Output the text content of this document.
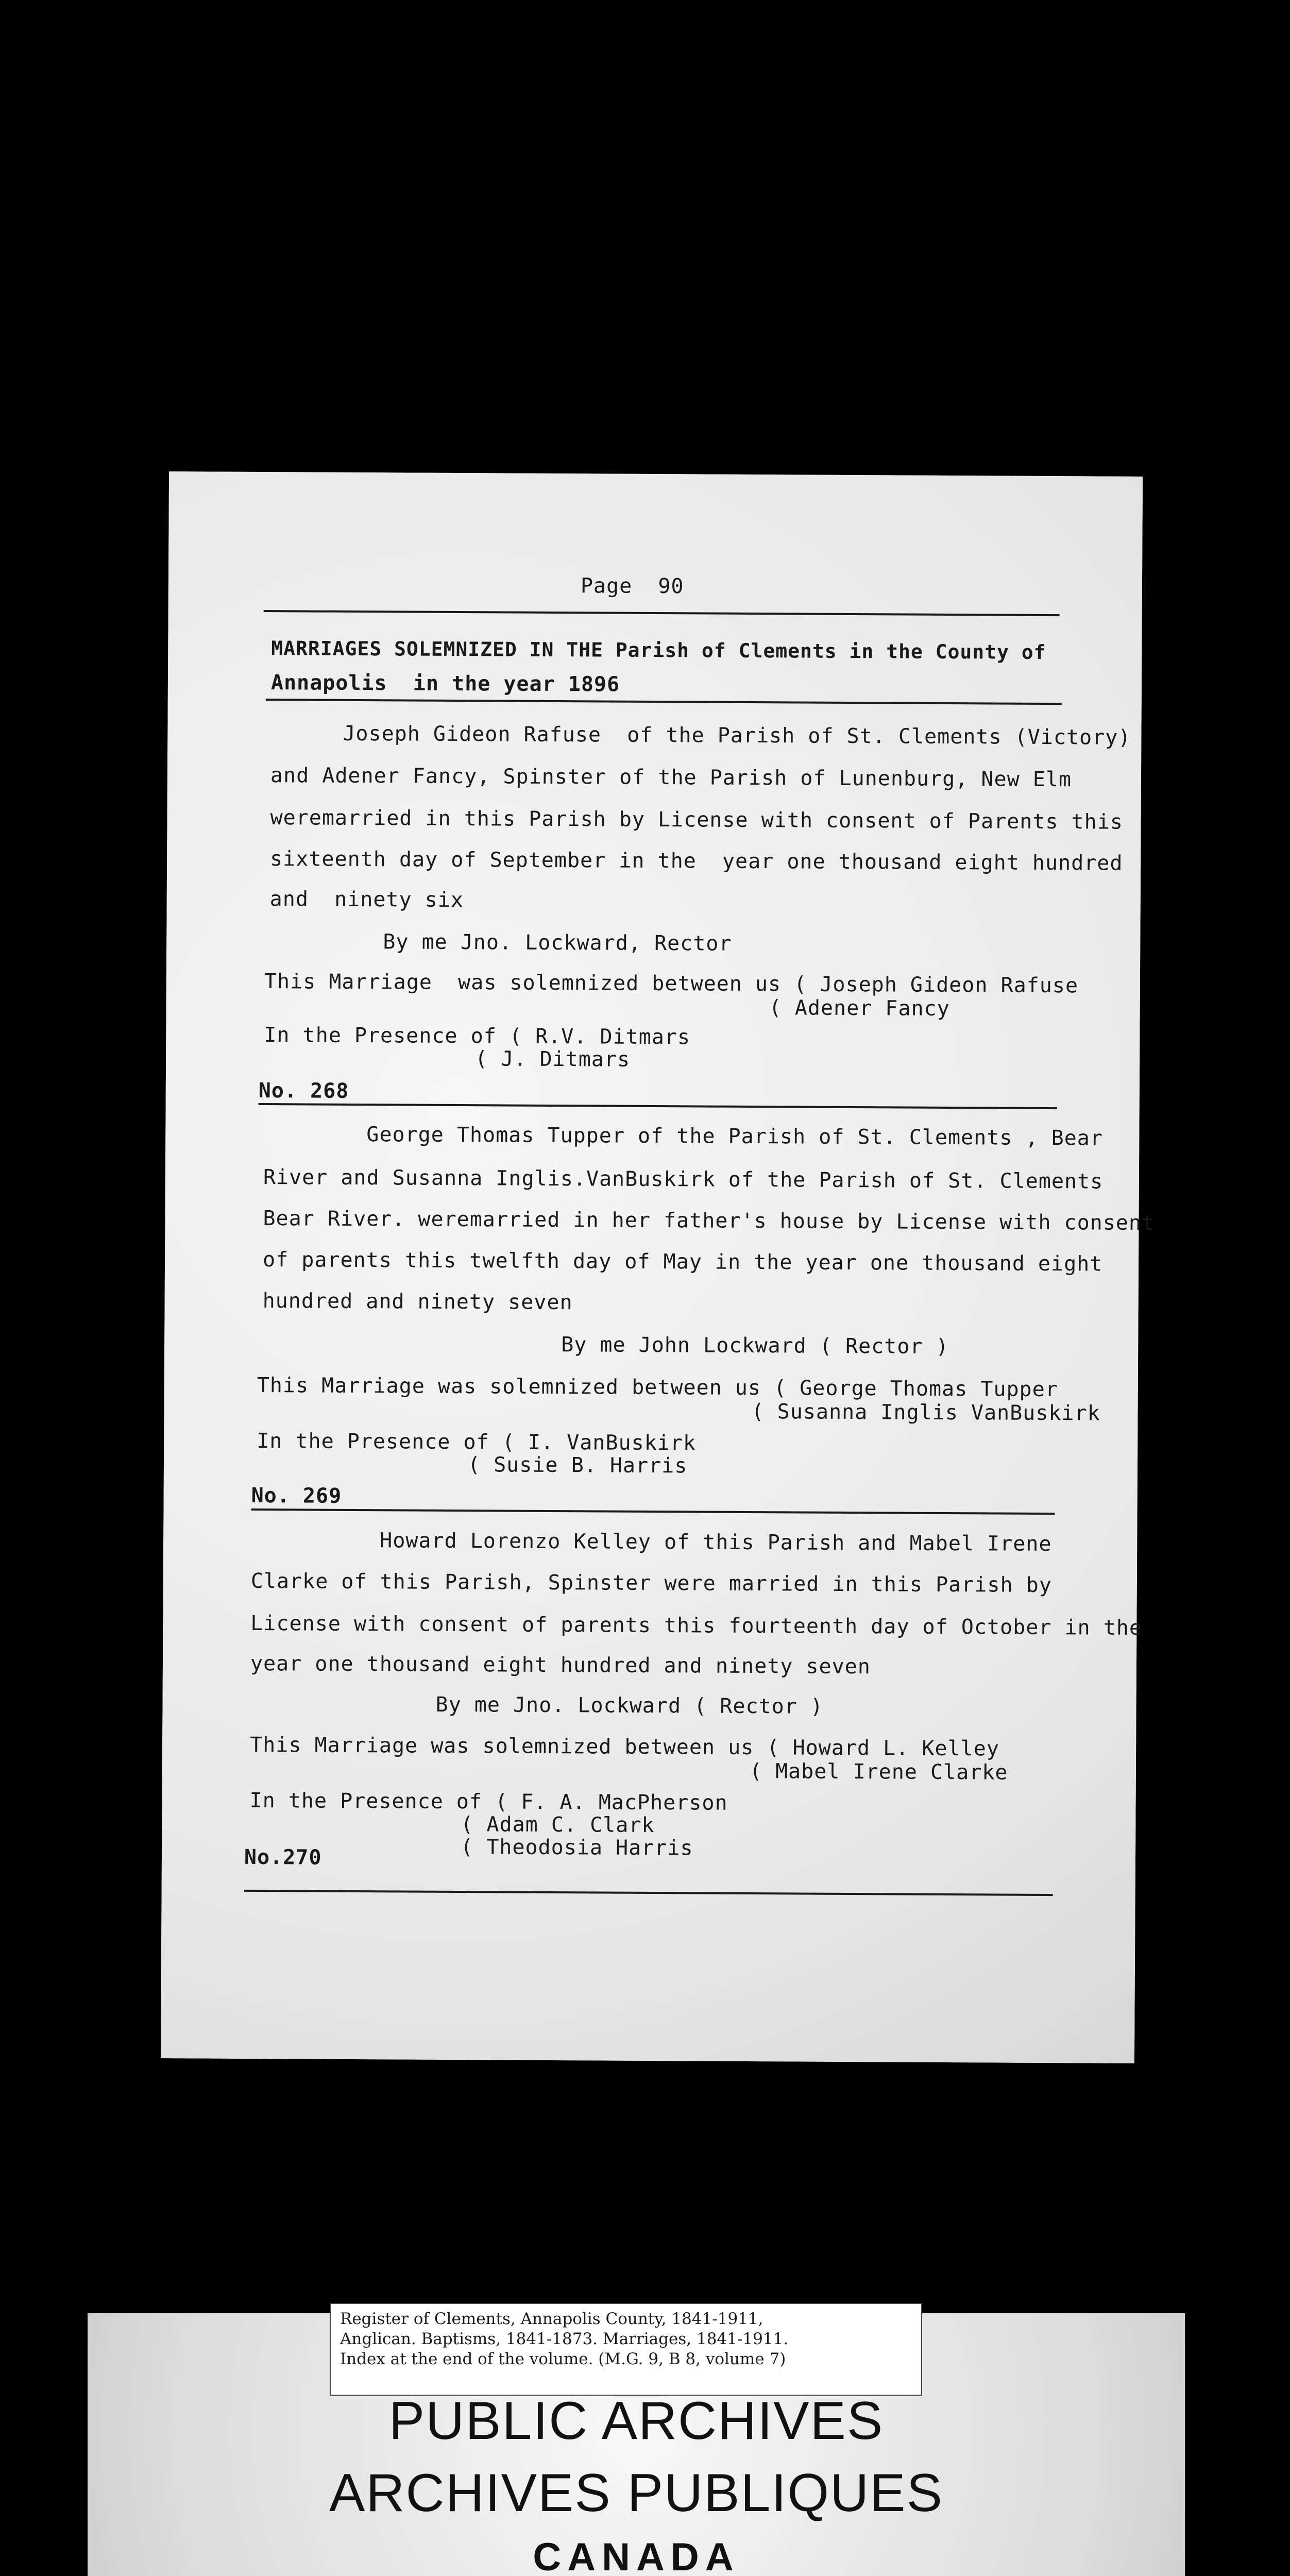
Page  90
MARRIAGES SOLEMNIZED IN THE Parish of Clements in the County of
Annapolis  in the year 1896
Joseph Gideon Rafuse  of the Parish of St. Clements (Victory)
and Adener Fancy, Spinster of the Parish of Lunenburg, New Elm
weremarried in this Parish by License with consent of Parents this
sixteenth day of September in the  year one thousand eight hundred
and  ninety six
By me Jno. Lockward, Rector
This Marriage  was solemnized between us ( Joseph Gideon Rafuse
( Adener Fancy
In the Presence of ( R.V. Ditmars
( J. Ditmars
No. 268
George Thomas Tupper of the Parish of St. Clements , Bear
River and Susanna Inglis.VanBuskirk of the Parish of St. Clements
Bear River. weremarried in her father's house by License with consent
of parents this twelfth day of May in the year one thousand eight
hundred and ninety seven
By me John Lockward ( Rector )
This Marriage was solemnized between us ( George Thomas Tupper
( Susanna Inglis VanBuskirk
In the Presence of ( I. VanBuskirk
( Susie B. Harris
No. 269
Howard Lorenzo Kelley of this Parish and Mabel Irene
Clarke of this Parish, Spinster were married in this Parish by
License with consent of parents this fourteenth day of October in the
year one thousand eight hundred and ninety seven
By me Jno. Lockward ( Rector )
This Marriage was solemnized between us ( Howard L. Kelley
( Mabel Irene Clarke
In the Presence of ( F. A. MacPherson
( Adam C. Clark
( Theodosia Harris
No.270
Register of Clements, Annapolis County, 1841-1911,
Anglican. Baptisms, 1841-1873. Marriages, 1841-1911.
Index at the end of the volume. (M.G. 9, B 8, volume 7)
PUBLIC ARCHIVES
ARCHIVES PUBLIQUES
CANADA
